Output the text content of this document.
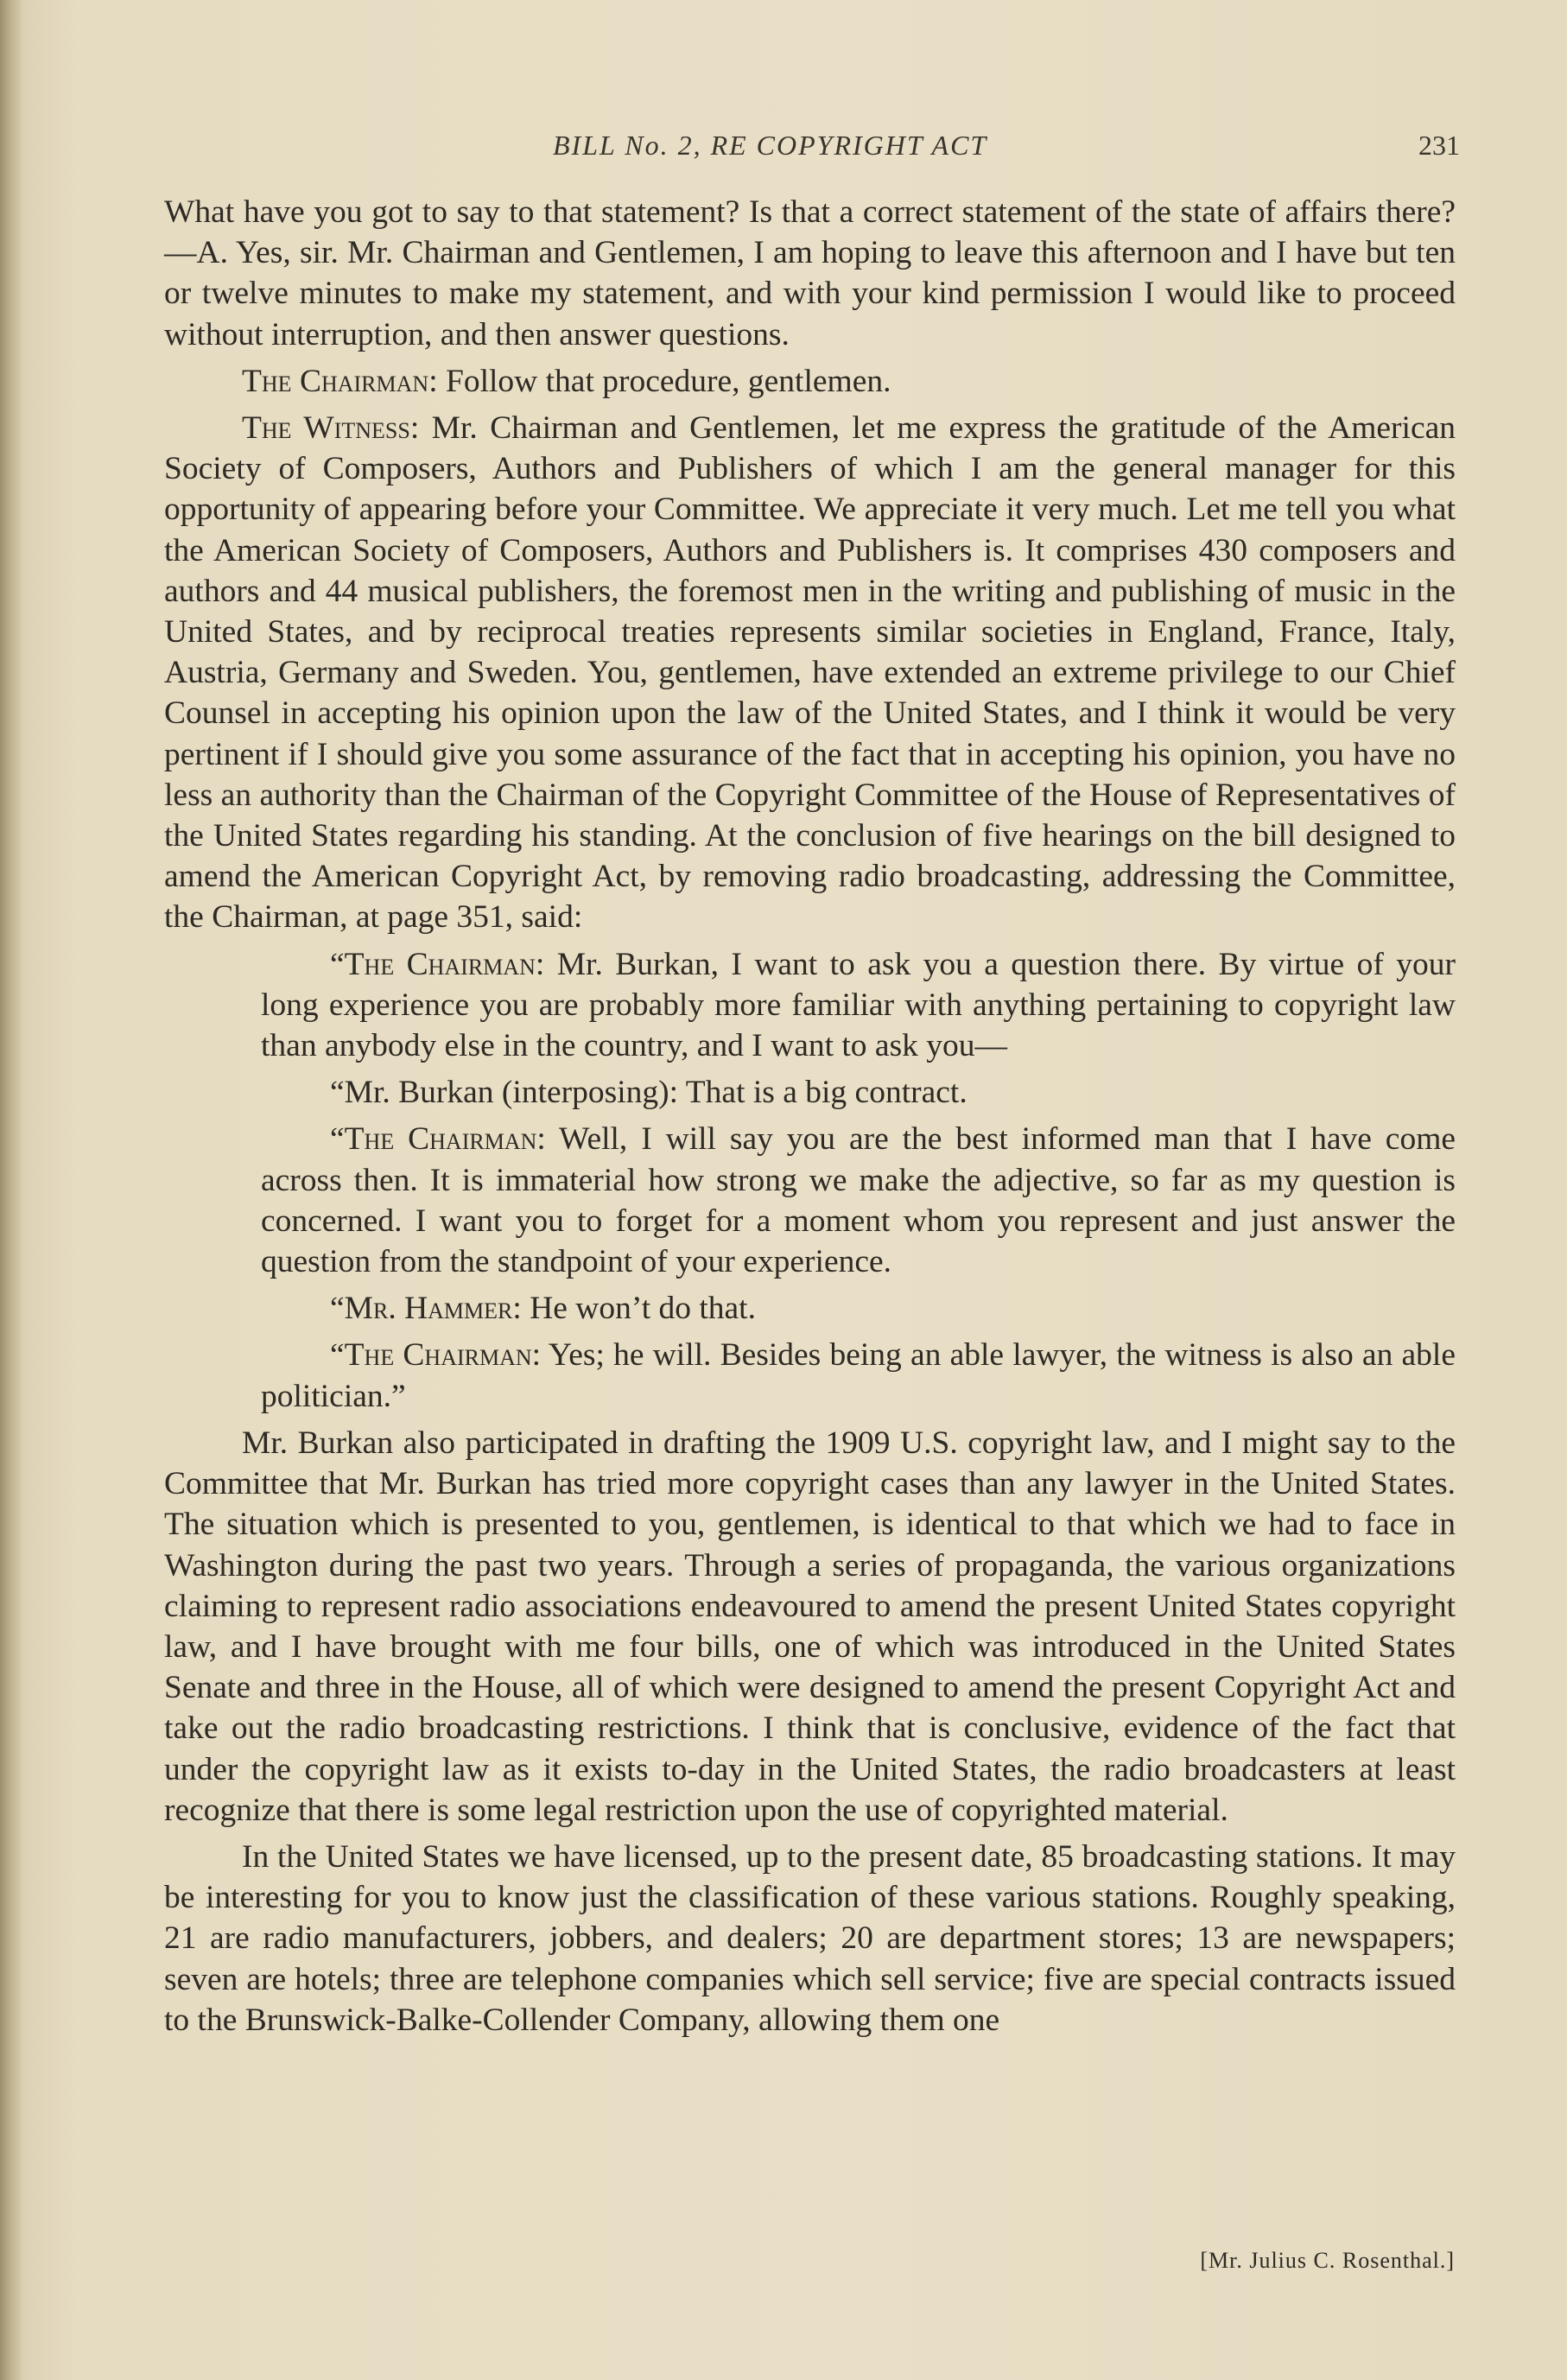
BILL No. 2, RE COPYRIGHT ACT	231

What have you got to say to that statement? Is that a correct statement of the state of affairs there?—A. Yes, sir. Mr. Chairman and Gentlemen, I am hoping to leave this afternoon and I have but ten or twelve minutes to make my statement, and with your kind permission I would like to proceed without interruption, and then answer questions.

The Chairman: Follow that procedure, gentlemen.

The Witness: Mr. Chairman and Gentlemen, let me express the gratitude of the American Society of Composers, Authors and Publishers of which I am the general manager for this opportunity of appearing before your Committee. We appreciate it very much. Let me tell you what the American Society of Composers, Authors and Publishers is. It comprises 430 composers and authors and 44 musical publishers, the foremost men in the writing and publishing of music in the United States, and by reciprocal treaties represents similar societies in England, France, Italy, Austria, Germany and Sweden. You, gentlemen, have extended an extreme privilege to our Chief Counsel in accepting his opinion upon the law of the United States, and I think it would be very pertinent if I should give you some assurance of the fact that in accepting his opinion, you have no less an authority than the Chairman of the Copyright Committee of the House of Representatives of the United States regarding his standing. At the conclusion of five hearings on the bill designed to amend the American Copyright Act, by removing radio broadcasting, addressing the Committee, the Chairman, at page 351, said:

“The Chairman: Mr. Burkan, I want to ask you a question there. By virtue of your long experience you are probably more familiar with anything pertaining to copyright law than anybody else in the country, and I want to ask you—

“Mr. Burkan (interposing): That is a big contract.

“The Chairman: Well, I will say you are the best informed man that I have come across then. It is immaterial how strong we make the adjective, so far as my question is concerned. I want you to forget for a moment whom you represent and just answer the question from the standpoint of your experience.

“Mr. Hammer: He won’t do that.

“The Chairman: Yes; he will. Besides being an able lawyer, the witness is also an able politician.”

Mr. Burkan also participated in drafting the 1909 U.S. copyright law, and I might say to the Committee that Mr. Burkan has tried more copyright cases than any lawyer in the United States. The situation which is presented to you, gentlemen, is identical to that which we had to face in Washington during the past two years. Through a series of propaganda, the various organizations claiming to represent radio associations endeavoured to amend the present United States copyright law, and I have brought with me four bills, one of which was introduced in the United States Senate and three in the House, all of which were designed to amend the present Copyright Act and take out the radio broadcasting restrictions. I think that is conclusive, evidence of the fact that under the copyright law as it exists to-day in the United States, the radio broadcasters at least recognize that there is some legal restriction upon the use of copyrighted material.

In the United States we have licensed, up to the present date, 85 broadcasting stations. It may be interesting for you to know just the classification of these various stations. Roughly speaking, 21 are radio manufacturers, jobbers, and dealers; 20 are department stores; 13 are newspapers; seven are hotels; three are telephone companies which sell service; five are special contracts issued to the Brunswick-Balke-Collender Company, allowing them one

[Mr. Julius C. Rosenthal.]
